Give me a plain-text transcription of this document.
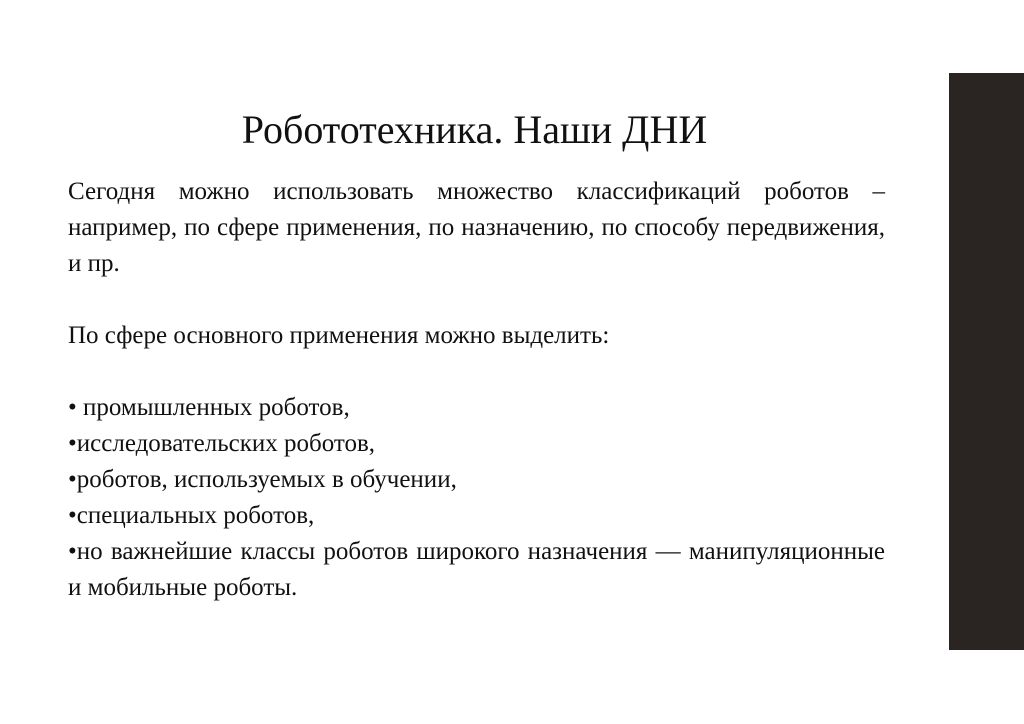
Робототехника. Наши ДНИ

Сегодня можно использовать множество классификаций роботов – например, по сфере применения, по назначению, по способу передвижения, и пр.

По сфере основного применения можно выделить:

• промышленных роботов,
•исследовательских роботов,
•роботов, используемых в обучении,
•специальных роботов,
•но важнейшие классы роботов широкого назначения — манипуляционные и мобильные роботы.
